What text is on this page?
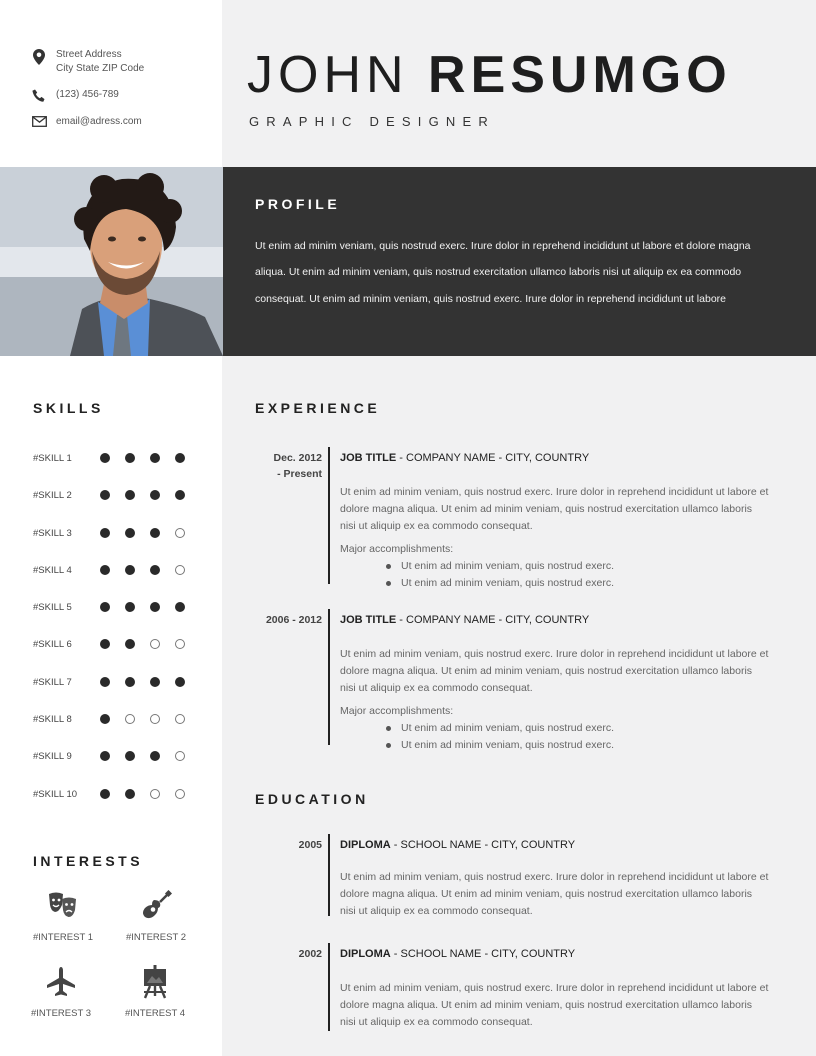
Street Address
City State ZIP Code
(123) 456-789
email@adress.com
JOHN RESUMGO
GRAPHIC DESIGNER
PROFILE
Ut enim ad minim veniam, quis nostrud exerc. Irure dolor in reprehend incididunt ut labore et dolore magna aliqua. Ut enim ad minim veniam, quis nostrud exercitation ullamco laboris nisi ut aliquip ex ea commodo consequat. Ut enim ad minim veniam, quis nostrud exerc. Irure dolor in reprehend incididunt ut labore
SKILLS
#SKILL 1
#SKILL 2
#SKILL 3
#SKILL 4
#SKILL 5
#SKILL 6
#SKILL 7
#SKILL 8
#SKILL 9
#SKILL 10
INTERESTS
#INTEREST 1	#INTEREST 2
#INTEREST 3	#INTEREST 4
EXPERIENCE
Dec. 2012
- Present
JOB TITLE - COMPANY NAME - CITY, COUNTRY
Ut enim ad minim veniam, quis nostrud exerc. Irure dolor in reprehend incididunt ut labore et dolore magna aliqua. Ut enim ad minim veniam, quis nostrud exercitation ullamco laboris nisi ut aliquip ex ea commodo consequat.
Major accomplishments:
Ut enim ad minim veniam, quis nostrud exerc.
Ut enim ad minim veniam, quis nostrud exerc.
2006 - 2012 JOB TITLE - COMPANY NAME - CITY, COUNTRY
Ut enim ad minim veniam, quis nostrud exerc. Irure dolor in reprehend incididunt ut labore et dolore magna aliqua. Ut enim ad minim veniam, quis nostrud exercitation ullamco laboris nisi ut aliquip ex ea commodo consequat.
Major accomplishments:
Ut enim ad minim veniam, quis nostrud exerc.
Ut enim ad minim veniam, quis nostrud exerc.
EDUCATION
2005 DIPLOMA - SCHOOL NAME - CITY, COUNTRY
Ut enim ad minim veniam, quis nostrud exerc. Irure dolor in reprehend incididunt ut labore et dolore magna aliqua. Ut enim ad minim veniam, quis nostrud exercitation ullamco laboris nisi ut aliquip ex ea commodo consequat.
2002 DIPLOMA - SCHOOL NAME - CITY, COUNTRY
Ut enim ad minim veniam, quis nostrud exerc. Irure dolor in reprehend incididunt ut labore et dolore magna aliqua. Ut enim ad minim veniam, quis nostrud exercitation ullamco laboris nisi ut aliquip ex ea commodo consequat.
